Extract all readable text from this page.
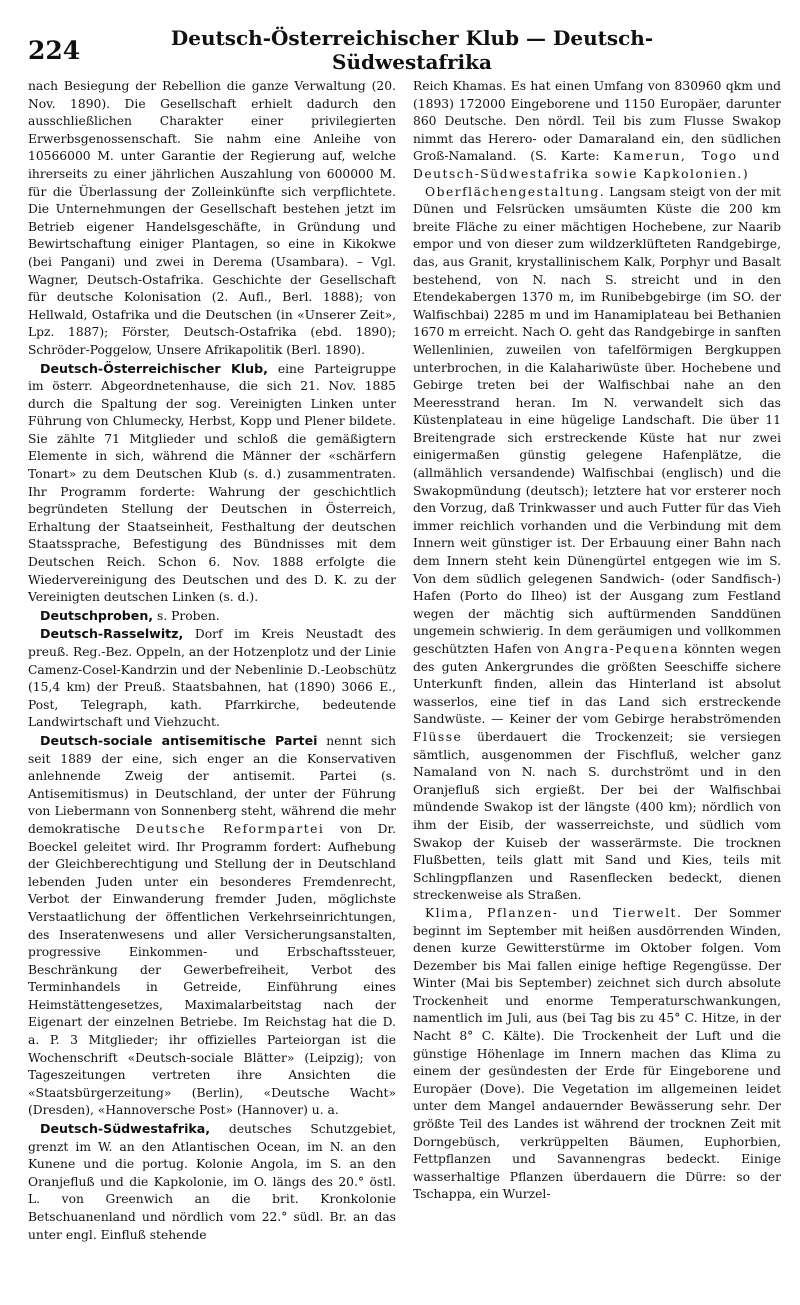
224	Deutsch-Österreichischer Klub — Deutsch-Südwestafrika

nach Besiegung der Rebellion die ganze Verwaltung (20. Nov. 1890). Die Gesellschaft erhielt dadurch den ausschließlichen Charakter einer privilegierten Erwerbsgenossenschaft. Sie nahm eine Anleihe von 10566000 M. unter Garantie der Regierung auf, welche ihrerseits zu einer jährlichen Auszahlung von 600000 M. für die Überlassung der Zolleinkünfte sich verpflichtete. Die Unternehmungen der Gesellschaft bestehen jetzt im Betrieb eigener Handelsgeschäfte, in Gründung und Bewirtschaftung einiger Plantagen, so eine in Kikokwe (bei Pangani) und zwei in Derema (Usambara). – Vgl. Wagner, Deutsch-Ostafrika. Geschichte der Gesellschaft für deutsche Kolonisation (2. Aufl., Berl. 1888); von Hellwald, Ostafrika und die Deutschen (in «Unserer Zeit», Lpz. 1887); Förster, Deutsch-Ostafrika (ebd. 1890); Schröder-Poggelow, Unsere Afrikapolitik (Berl. 1890).

Deutsch-Österreichischer Klub, eine Parteigruppe im österr. Abgeordnetenhause, die sich 21. Nov. 1885 durch die Spaltung der sog. Vereinigten Linken unter Führung von Chlumecky, Herbst, Kopp und Plener bildete. Sie zählte 71 Mitglieder und schloß die gemäßigtern Elemente in sich, während die Männer der «schärfern Tonart» zu dem Deutschen Klub (s. d.) zusammentraten. Ihr Programm forderte: Wahrung der geschichtlich begründeten Stellung der Deutschen in Österreich, Erhaltung der Staatseinheit, Festhaltung der deutschen Staatssprache, Befestigung des Bündnisses mit dem Deutschen Reich. Schon 6. Nov. 1888 erfolgte die Wiedervereinigung des Deutschen und des D. K. zu der Vereinigten deutschen Linken (s. d.).

Deutschproben, s. Proben.

Deutsch-Rasselwitz, Dorf im Kreis Neustadt des preuß. Reg.-Bez. Oppeln, an der Hotzenplotz und der Linie Camenz-Cosel-Kandrzin und der Nebenlinie D.-Leobschütz (15,4 km) der Preuß. Staatsbahnen, hat (1890) 3066 E., Post, Telegraph, kath. Pfarrkirche, bedeutende Landwirtschaft und Viehzucht.

Deutsch-sociale antisemitische Partei nennt sich seit 1889 der eine, sich enger an die Konservativen anlehnende Zweig der antisemit. Partei (s. Antisemitismus) in Deutschland, der unter der Führung von Liebermann von Sonnenberg steht, während die mehr demokratische Deutsche Reformpartei von Dr. Boeckel geleitet wird. Ihr Programm fordert: Aufhebung der Gleichberechtigung und Stellung der in Deutschland lebenden Juden unter ein besonderes Fremdenrecht, Verbot der Einwanderung fremder Juden, möglichste Verstaatlichung der öffentlichen Verkehrseinrichtungen, des Inseratenwesens und aller Versicherungsanstalten, progressive Einkommen- und Erbschaftssteuer, Beschränkung der Gewerbefreiheit, Verbot des Terminhandels in Getreide, Einführung eines Heimstättengesetzes, Maximalarbeitstag nach der Eigenart der einzelnen Betriebe. Im Reichstag hat die D. a. P. 3 Mitglieder; ihr offizielles Parteiorgan ist die Wochenschrift «Deutsch-sociale Blätter» (Leipzig); von Tageszeitungen vertreten ihre Ansichten die «Staatsbürgerzeitung» (Berlin), «Deutsche Wacht» (Dresden), «Hannoversche Post» (Hannover) u. a.

Deutsch-Südwestafrika, deutsches Schutzgebiet, grenzt im W. an den Atlantischen Ocean, im N. an den Kunene und die portug. Kolonie Angola, im S. an den Oranjefluß und die Kapkolonie, im O. längs des 20.° östl. L. von Greenwich an die brit. Kronkolonie Betschuanenland und nördlich vom 22.° südl. Br. an das unter engl. Einfluß stehende

Reich Khamas. Es hat einen Umfang von 830960 qkm und (1893) 172000 Eingeborene und 1150 Europäer, darunter 860 Deutsche. Den nördl. Teil bis zum Flusse Swakop nimmt das Herero- oder Damaraland ein, den südlichen Groß-Namaland. (S. Karte: Kamerun, Togo und Deutsch-Südwestafrika sowie Kapkolonien.)

Oberflächengestaltung. Langsam steigt von der mit Dünen und Felsrücken umsäumten Küste die 200 km breite Fläche zu einer mächtigen Hochebene, zur Naarib empor und von dieser zum wildzerklüfteten Randgebirge, das, aus Granit, krystallinischem Kalk, Porphyr und Basalt bestehend, von N. nach S. streicht und in den Etendekabergen 1370 m, im Runibebgebirge (im SO. der Walfischbai) 2285 m und im Hanamiplateau bei Bethanien 1670 m erreicht. Nach O. geht das Randgebirge in sanften Wellenlinien, zuweilen von tafelförmigen Bergkuppen unterbrochen, in die Kalahariwüste über. Hochebene und Gebirge treten bei der Walfischbai nahe an den Meeresstrand heran. Im N. verwandelt sich das Küstenplateau in eine hügelige Landschaft. Die über 11 Breitengrade sich erstreckende Küste hat nur zwei einigermaßen günstig gelegene Hafenplätze, die (allmählich versandende) Walfischbai (englisch) und die Swakopmündung (deutsch); letztere hat vor ersterer noch den Vorzug, daß Trinkwasser und auch Futter für das Vieh immer reichlich vorhanden und die Verbindung mit dem Innern weit günstiger ist. Der Erbauung einer Bahn nach dem Innern steht kein Dünengürtel entgegen wie im S. Von dem südlich gelegenen Sandwich- (oder Sandfisch-) Hafen (Porto do Ilheo) ist der Ausgang zum Festland wegen der mächtig sich auftürmenden Sanddünen ungemein schwierig. In dem geräumigen und vollkommen geschützten Hafen von Angra-Pequena könnten wegen des guten Ankergrundes die größten Seeschiffe sichere Unterkunft finden, allein das Hinterland ist absolut wasserlos, eine tief in das Land sich erstreckende Sandwüste. — Keiner der vom Gebirge herabströmenden Flüsse überdauert die Trockenzeit; sie versiegen sämtlich, ausgenommen der Fischfluß, welcher ganz Namaland von N. nach S. durchströmt und in den Oranjefluß sich ergießt. Der bei der Walfischbai mündende Swakop ist der längste (400 km); nördlich von ihm der Eisib, der wasserreichste, und südlich vom Swakop der Kuiseb der wasserärmste. Die trocknen Flußbetten, teils glatt mit Sand und Kies, teils mit Schlingpflanzen und Rasenflecken bedeckt, dienen streckenweise als Straßen.

Klima, Pflanzen- und Tierwelt. Der Sommer beginnt im September mit heißen ausdörrenden Winden, denen kurze Gewitterstürme im Oktober folgen. Vom Dezember bis Mai fallen einige heftige Regengüsse. Der Winter (Mai bis September) zeichnet sich durch absolute Trockenheit und enorme Temperaturschwankungen, namentlich im Juli, aus (bei Tag bis zu 45° C. Hitze, in der Nacht 8° C. Kälte). Die Trockenheit der Luft und die günstige Höhenlage im Innern machen das Klima zu einem der gesündesten der Erde für Eingeborene und Europäer (Dove). Die Vegetation im allgemeinen leidet unter dem Mangel andauernder Bewässerung sehr. Der größte Teil des Landes ist während der trocknen Zeit mit Dorngebüsch, verkrüppelten Bäumen, Euphorbien, Fettpflanzen und Savannengras bedeckt. Einige wasserhaltige Pflanzen überdauern die Dürre: so der Tschappa, ein Wurzel-
